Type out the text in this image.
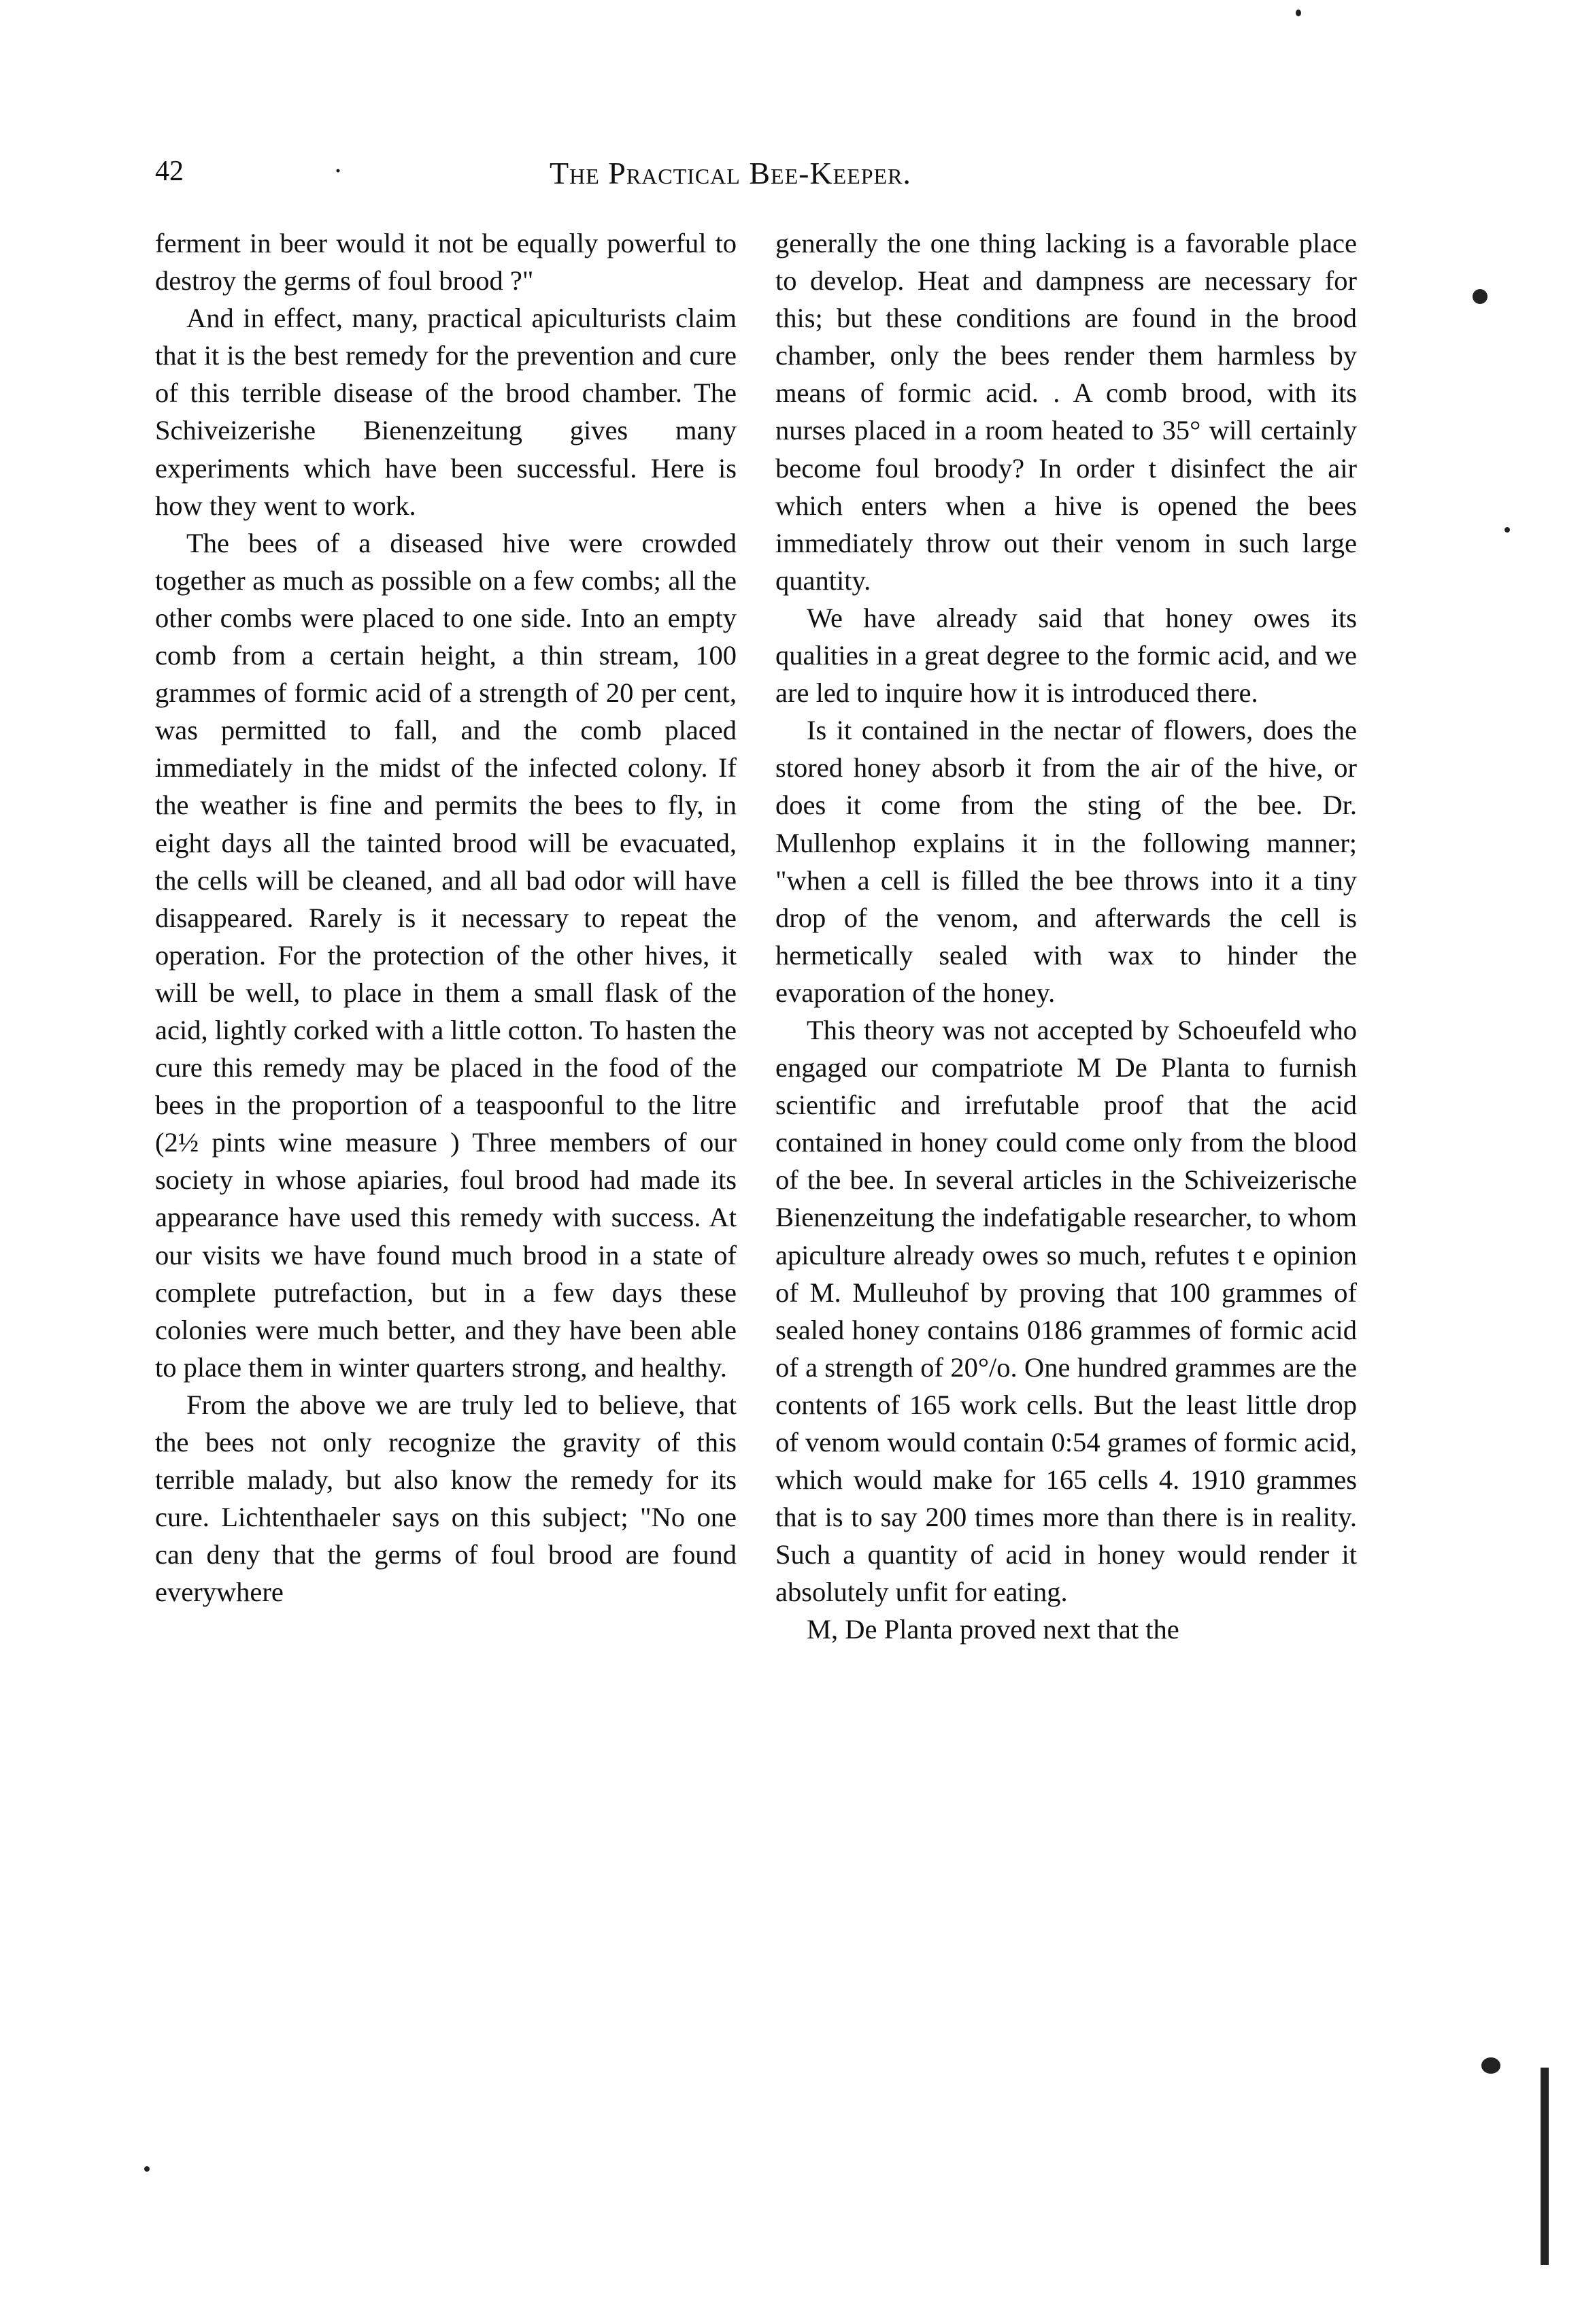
42	·	The Practical Bee-Keeper.

ferment in beer would it not be equally powerful to destroy the germs of foul brood ?"

And in effect, many, practical apiculturists claim that it is the best remedy for the prevention and cure of this terrible disease of the brood chamber. The Schiveizerishe Bienenzeitung gives many experiments which have been successful. Here is how they went to work.

The bees of a diseased hive were crowded together as much as possible on a few combs; all the other combs were placed to one side. Into an empty comb from a certain height, a thin stream, 100 grammes of formic acid of a strength of 20 per cent, was permitted to fall, and the comb placed immediately in the midst of the infected colony. If the weather is fine and permits the bees to fly, in eight days all the tainted brood will be evacuated, the cells will be cleaned, and all bad odor will have disappeared. Rarely is it necessary to repeat the operation. For the protection of the other hives, it will be well, to place in them a small flask of the acid, lightly corked with a little cotton. To hasten the cure this remedy may be placed in the food of the bees in the proportion of a teaspoonful to the litre (2½ pints wine measure ) Three members of our society in whose apiaries, foul brood had made its appearance have used this remedy with success. At our visits we have found much brood in a state of complete putrefaction, but in a few days these colonies were much better, and they have been able to place them in winter quarters strong, and healthy.

From the above we are truly led to believe, that the bees not only recognize the gravity of this terrible malady, but also know the remedy for its cure. Lichtenthaeler says on this subject; "No one can deny that the germs of foul brood are found everywhere

generally the one thing lacking is a favorable place to develop. Heat and dampness are necessary for this; but these conditions are found in the brood chamber, only the bees render them harmless by means of formic acid. . A comb brood, with its nurses placed in a room heated to 35° will certainly become foul broody? In order t disinfect the air which enters when a hive is opened the bees immediately throw out their venom in such large quantity.

We have already said that honey owes its qualities in a great degree to the formic acid, and we are led to inquire how it is introduced there.

Is it contained in the nectar of flowers, does the stored honey absorb it from the air of the hive, or does it come from the sting of the bee. Dr. Mullenhop explains it in the following manner; "when a cell is filled the bee throws into it a tiny drop of the venom, and afterwards the cell is hermetically sealed with wax to hinder the evaporation of the honey.

This theory was not accepted by Schoeufeld who engaged our compatriote M De Planta to furnish scientific and irrefutable proof that the acid contained in honey could come only from the blood of the bee. In several articles in the Schiveizerische Bienenzeitung the indefatigable researcher, to whom apiculture already owes so much, refutes t e opinion of M. Mulleuhof by proving that 100 grammes of sealed honey contains 0186 grammes of formic acid of a strength of 20°/o. One hundred grammes are the contents of 165 work cells. But the least little drop of venom would contain 0:54 grames of formic acid, which would make for 165 cells 4. 1910 grammes that is to say 200 times more than there is in reality. Such a quantity of acid in honey would render it absolutely unfit for eating.

M, De Planta proved next that the
